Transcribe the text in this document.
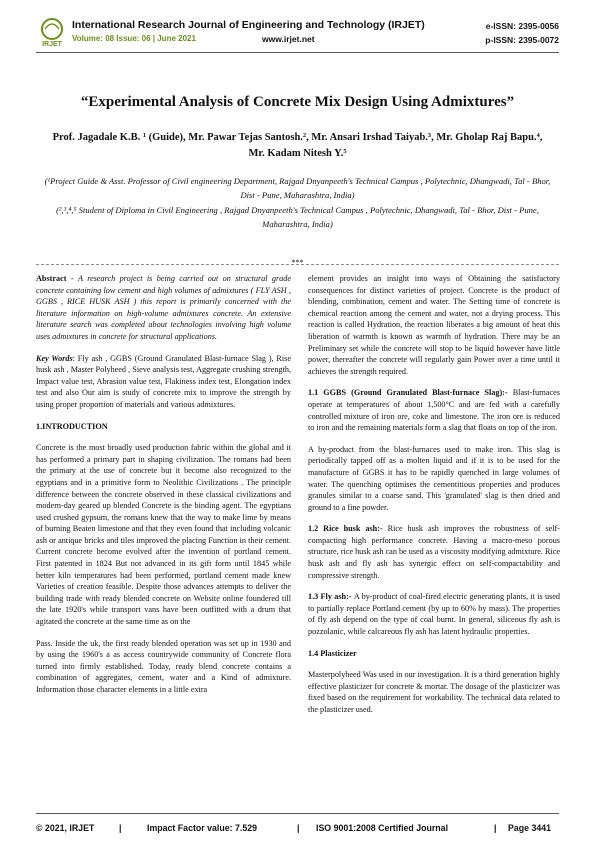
IRJET
International Research Journal of Engineering and Technology (IRJET)
Volume: 08 Issue: 06 | June 2021	www.irjet.net
e-ISSN: 2395-0056
p-ISSN: 2395-0072
“Experimental Analysis of Concrete Mix Design Using Admixtures”
Prof. Jagadale K.B. ¹ (Guide), Mr. Pawar Tejas Santosh.², Mr. Ansari Irshad Taiyab.³, Mr. Gholap Raj Bapu.⁴, Mr. Kadam Nitesh Y.⁵
(¹Project Guide & Asst. Professor of Civil engineering Department, Rajgad Dnyanpeeth's Technical Campus , Polytechnic, Dhangwadi, Tal - Bhor, Dist - Pune, Maharashtra, India)
(²,³,⁴,⁵ Student of Diploma in Civil Engineering , Rajgad Dnyanpeeth's Technical Campus , Polytechnic, Dhangwadi, Tal - Bhor, Dist - Pune, Maharashtra, India)
***

Abstract - A research project is being carried out on structural grade concrete containing low cement and high volumes of admixtures ( FLY ASH , GGBS , RICE HUSK ASH ) this report is primarily concerned with the literature information on high-volume admixtures concrete. An extensive literature search was completed about technologies involving high volume uses admixtures in concrete for structural applications.

Key Words: Fly ash , GGBS (Ground Granulated Blast-furnace Slag ), Rise husk ash , Master Polyheed , Sieve analysis test, Aggregate crushing strength, Impact value test, Abrasion value test, Flakiness index test, Elongation index test and also Our aim is study of concrete mix to improve the strength by using proper proportion of materials and various admixtures.

1.INTRODUCTION

Concrete is the most broadly used production fabric within the global and it has performed a primary part in shaping civilization. The romans had been the primary at the use of concrete but it become also recognized to the egyptians and in a primitive form to Neolithic Civilizations . The principle difference between the concrete observed in these classical civilizations and modern-day geared up blended Concrete is the binding agent. The egyptians used crushed gypsum, the romans knew that the way to make lime by means of burning Beaten limestone and that they even found that including volcanic ash or antique bricks and tiles improved the placing Function in their cement. Current concrete become evolved after the invention of portland cement. First patented in 1824 But not advanced in its gift form until 1845 while better kiln temperatures had been performed, portland cement made knew Varieties of creation feasible. Despite those advances attempts to deliver the building trade with ready blended concrete on Website online foundered till the late 1920's while transport vans have been outfitted with a drum that agitated the concrete at the same time as on the

Pass. Inside the uk, the first ready blended operation was set up in 1930 and by using the 1960's a as access countrywide community of Concrete flora turned into firmly established. Today, ready blend concrete contains a combination of aggregates, cement, water and a Kind of admixture. Information those character elements in a little extra

element provides an insight into ways of Obtaining the satisfactory consequences for distinct varieties of project. Concrete is the product of blending, combination, cement and water. The Setting time of concrete is chemical reaction among the cement and water, not a drying process. This reaction is called Hydration, the reaction liberates a big amount of heat this liberation of warmth is known as warmth of hydration. There may be an Preliminary set while the concrete will stop to be liquid however have little power, thereafter the concrete will regularly gain Power over a time until it achieves the strength required.

1.1 GGBS (Ground Granulated Blast-furnace Slag):- Blast-furnaces operate at temperatures of about 1,500°C and are fed with a carefully controlled mixture of iron ore, coke and limestone. The iron ore is reduced to iron and the remaining materials form a slag that floats on top of the iron.

A by-product from the blast-furnaces used to make iron. This slag is periodically tapped off as a molten liquid and if it is to be used for the manufacture of GGBS it has to be rapidly quenched in large volumes of water. The quenching optimises the cementitious properties and produces granules similar to a coarse sand. This 'granulated' slag is then dried and ground to a fine powder.

1.2 Rice husk ash:- Rice husk ash improves the robustness of self-compacting high performance concrete. Having a macro-meso porous structure, rice husk ash can be used as a viscosity modifying admixture. Rice husk ash and fly ash has synergic effect on self-compactability and compressive strength.

1.3 Fly ash:- A by-product of coal-fired electric generating plants, it is used to partially replace Portland cement (by up to 60% by mass). The properties of fly ash depend on the type of coal burnt. In general, siliceous fly ash is pozzolanic, while calcareous fly ash has latent hydraulic properties.

1.4 Plasticizer

Masterpolyheed Was used in our investigation. It is a third generation highly effective plasticizer for concrete & mortar. The dosage of the plasticizer was fixed based on the requirement for workability. The technical data related to the plasticizer used.

© 2021, IRJET	|	Impact Factor value: 7.529	| ISO 9001:2008 Certified Journal	| Page 3441
